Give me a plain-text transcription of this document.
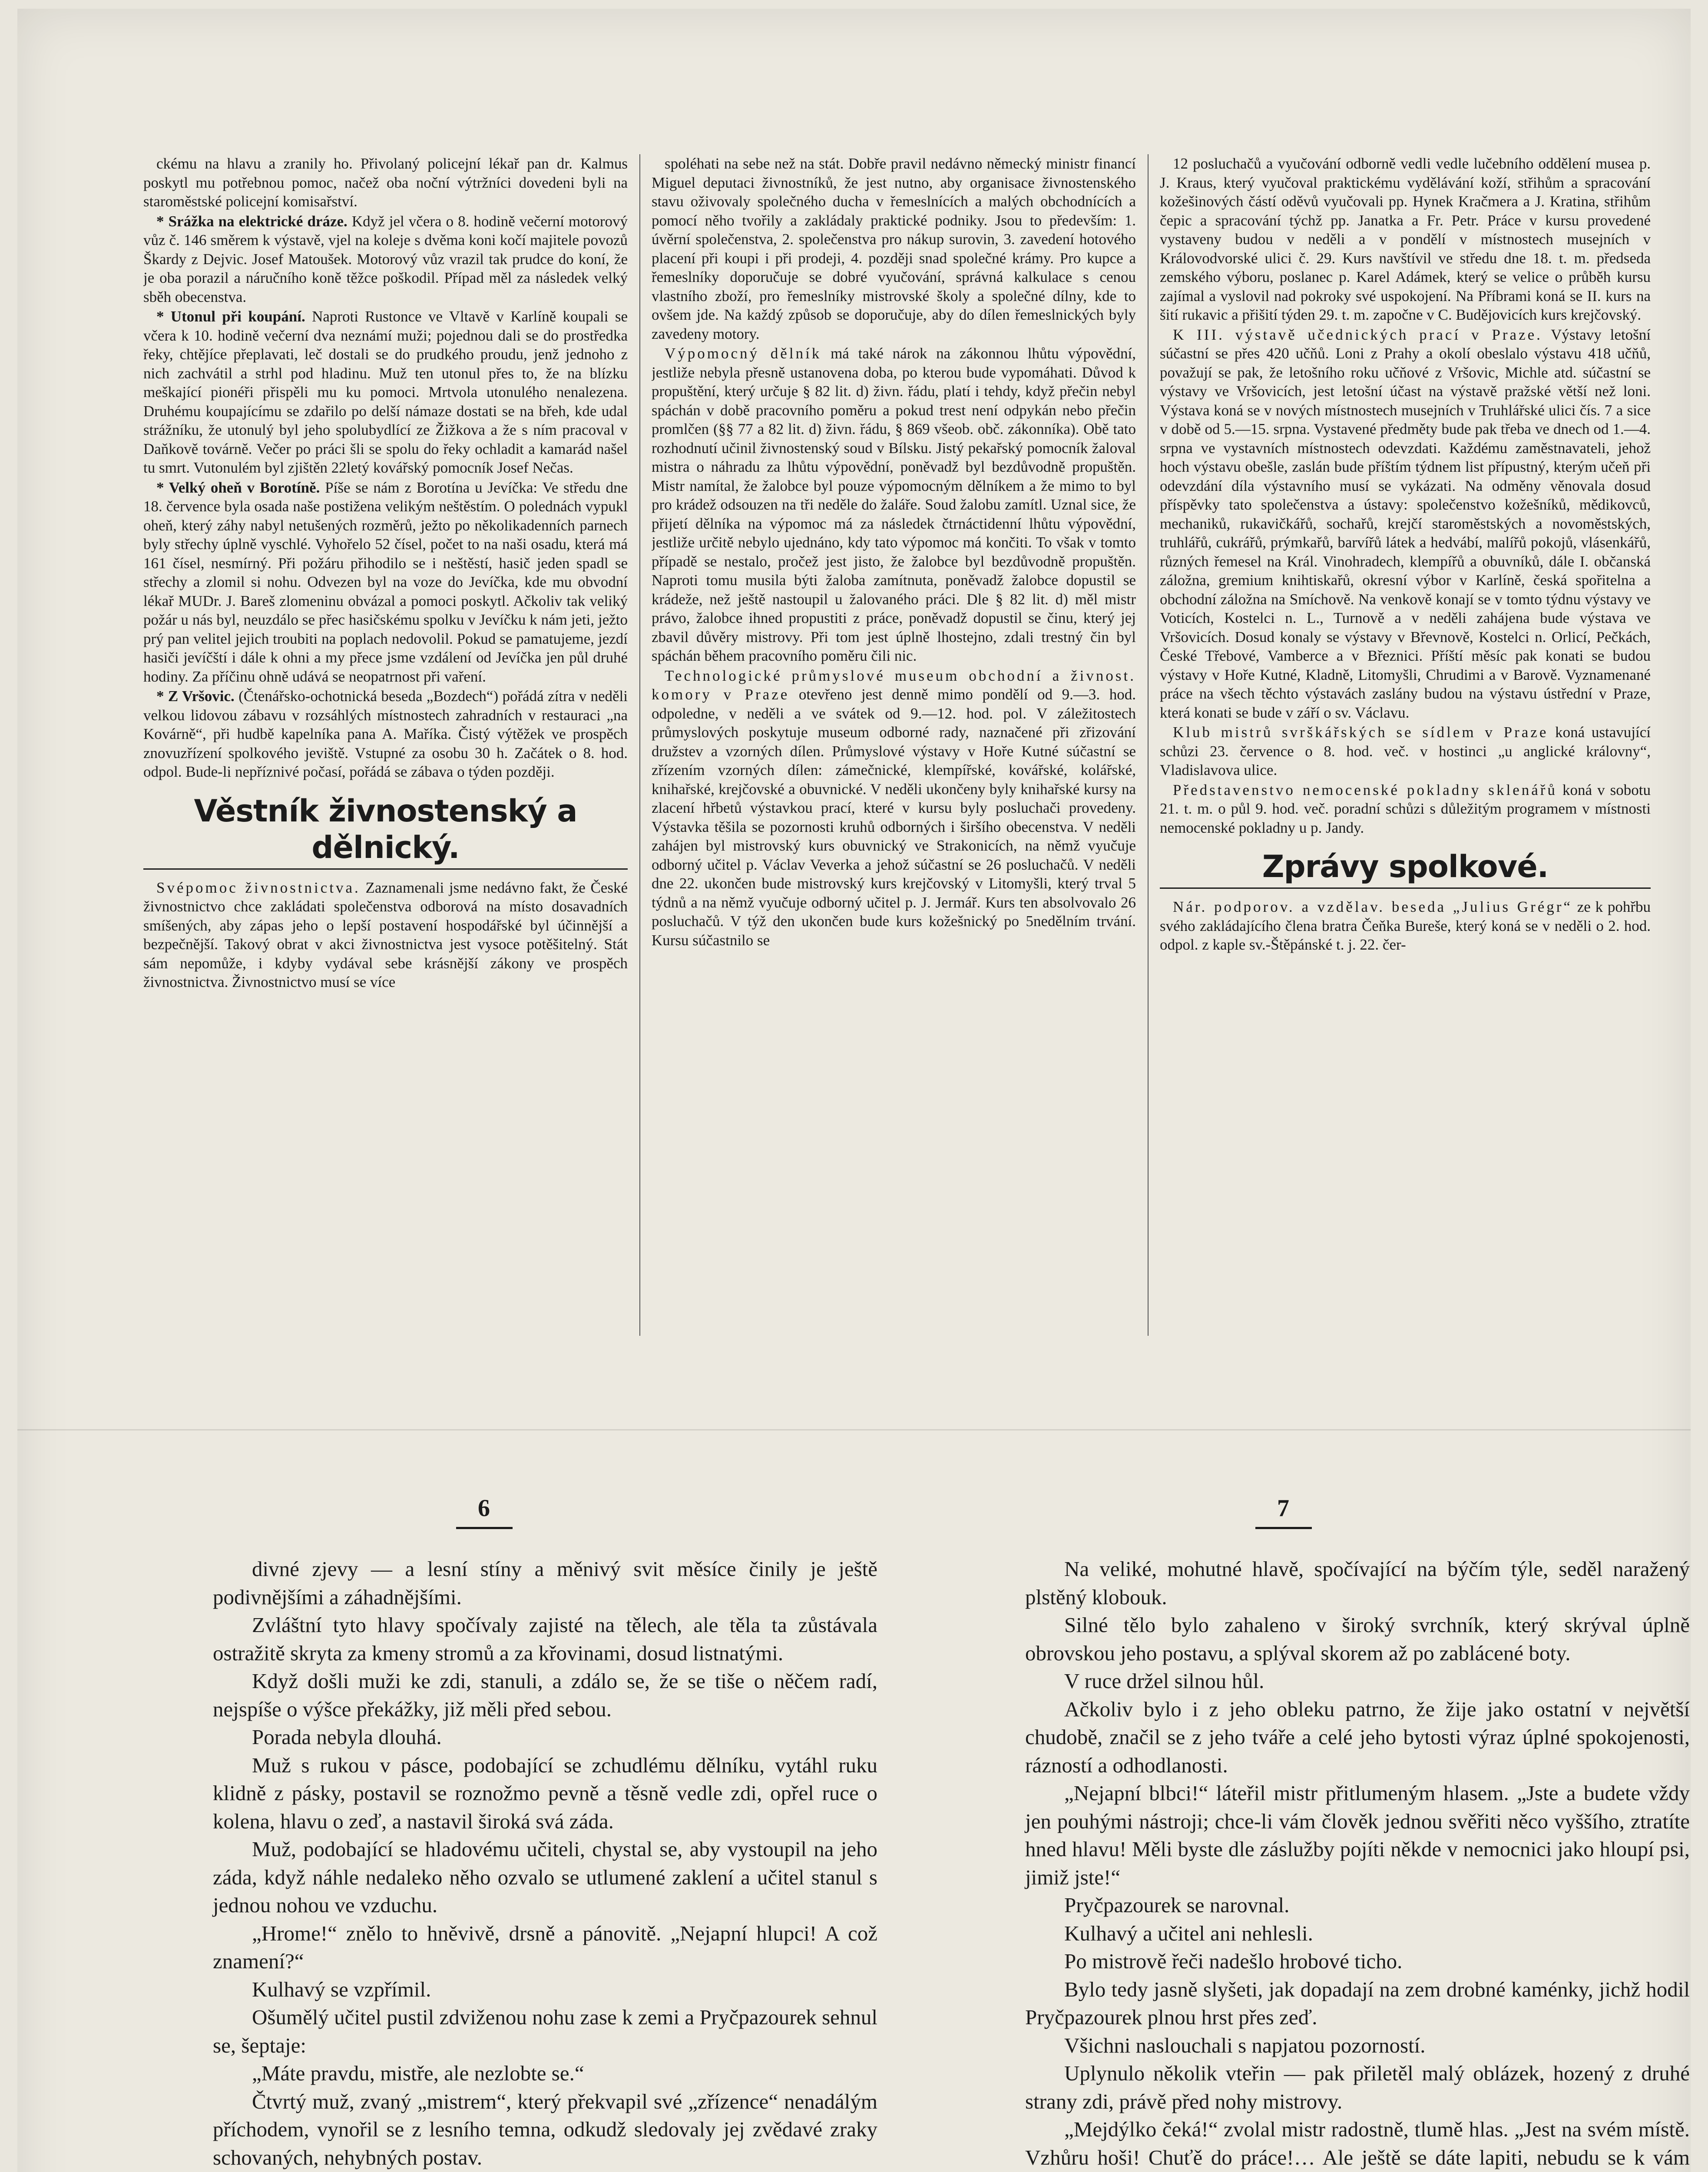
ckému na hlavu a zranily ho. Přivolaný policejní lékař pan dr. Kalmus poskytl mu potřebnou pomoc, načež oba noční výtržníci dovedeni byli na staroměstské policejní komisařství.

* Srážka na elektrické dráze. Když jel včera o 8. hodině večerní motorový vůz č. 146 směrem k výstavě, vjel na koleje s dvěma koni kočí majitele povozů Škardy z Dejvic. Josef Matoušek. Motorový vůz vrazil tak prudce do koní, že je oba porazil a náručního koně těžce poškodil. Případ měl za následek velký sběh obecenstva.

* Utonul při koupání. Naproti Rustonce ve Vltavě v Karlíně koupali se včera k 10. hodině večerní dva neznámí muži; pojednou dali se do prostředka řeky, chtějíce přeplavati, leč dostali se do prudkého proudu, jenž jednoho z nich zachvátil a strhl pod hladinu. Muž ten utonul přes to, že na blízku meškající pionéři přispěli mu ku pomoci. Mrtvola utonulého nenalezena. Druhému koupajícímu se zdařilo po delší námaze dostati se na břeh, kde udal strážníku, že utonulý byl jeho spolubydlící ze Žižkova a že s ním pracoval v Daňkově továrně. Večer po práci šli se spolu do řeky ochladit a kamarád našel tu smrt. Vutonulém byl zjištěn 22letý kovářský pomocník Josef Nečas.

* Velký oheň v Borotíně. Píše se nám z Borotína u Jevíčka: Ve středu dne 18. července byla osada naše postižena velikým neštěstím. O polednách vypukl oheň, který záhy nabyl netušených rozměrů, ježto po několikadenních parnech byly střechy úplně vyschlé. Vyhořelo 52 čísel, počet to na naši osadu, která má 161 čísel, nesmírný. Při požáru přihodilo se i neštěstí, hasič jeden spadl se střechy a zlomil si nohu. Odvezen byl na voze do Jevíčka, kde mu obvodní lékař MUDr. J. Bareš zlomeninu obvázal a pomoci poskytl. Ačkoliv tak veliký požár u nás byl, neuzdálo se přec hasičskému spolku v Jevíčku k nám jeti, ježto prý pan velitel jejich troubiti na poplach nedovolil. Pokud se pamatujeme, jezdí hasiči jevíčští i dále k ohni a my přece jsme vzdálení od Jevíčka jen půl druhé hodiny. Za příčinu ohně udává se neopatrnost při vaření.

* Z Vršovic. (Čtenářsko-ochotnická beseda „Bozdech“) pořádá zítra v neděli velkou lidovou zábavu v rozsáhlých místnostech zahradních v restauraci „na Kovárně“, při hudbě kapelníka pana A. Maříka. Čistý výtěžek ve prospěch znovuzřízení spolkového jeviště. Vstupné za osobu 30 h. Začátek o 8. hod. odpol. Bude-li nepříznivé počasí, pořádá se zábava o týden později.

Věstník živnostenský a dělnický.

Svépomoc živnostnictva. Zaznamenali jsme nedávno fakt, že České živnostnictvo chce zakládati společenstva odborová na místo dosavadních smíšených, aby zápas jeho o lepší postavení hospodářské byl účinnější a bezpečnější. Takový obrat v akci živnostnictva jest vysoce potěšitelný. Stát sám nepomůže, i kdyby vydával sebe krásnější zákony ve prospěch živnostnictva. Živnostnictvo musí se více

spoléhati na sebe než na stát. Dobře pravil nedávno německý ministr financí Miguel deputaci živnostníků, že jest nutno, aby organisace živnostenského stavu oživovaly společného ducha v řemeslnících a malých obchodnících a pomocí něho tvořily a zakládaly praktické podniky. Jsou to především: 1. úvěrní společenstva, 2. společenstva pro nákup surovin, 3. zavedení hotového placení při koupi i při prodeji, 4. později snad společné krámy. Pro kupce a řemeslníky doporučuje se dobré vyučování, správná kalkulace s cenou vlastního zboží, pro řemeslníky mistrovské školy a společné dílny, kde to ovšem jde. Na každý způsob se doporučuje, aby do dílen řemeslnických byly zavedeny motory.

Výpomocný dělník má také nárok na zákonnou lhůtu výpovědní, jestliže nebyla přesně ustanovena doba, po kterou bude vypomáhati. Důvod k propuštění, který určuje § 82 lit. d) živn. řádu, platí i tehdy, když přečin nebyl spáchán v době pracovního poměru a pokud trest není odpykán nebo přečin promlčen (§§ 77 a 82 lit. d) živn. řádu, § 869 všeob. obč. zákonníka). Obě tato rozhodnutí učinil živnostenský soud v Bílsku. Jistý pekařský pomocník žaloval mistra o náhradu za lhůtu výpovědní, poněvadž byl bezdůvodně propuštěn. Mistr namítal, že žalobce byl pouze výpomocným dělníkem a že mimo to byl pro krádež odsouzen na tři neděle do žaláře. Soud žalobu zamítl. Uznal sice, že přijetí dělníka na výpomoc má za následek čtrnáctidenní lhůtu výpovědní, jestliže určitě nebylo ujednáno, kdy tato výpomoc má končiti. To však v tomto případě se nestalo, pročež jest jisto, že žalobce byl bezdůvodně propuštěn. Naproti tomu musila býti žaloba zamítnuta, poněvadž žalobce dopustil se krádeže, než ještě nastoupil u žalovaného práci. Dle § 82 lit. d) měl mistr právo, žalobce ihned propustiti z práce, poněvadž dopustil se činu, který jej zbavil důvěry mistrovy. Při tom jest úplně lhostejno, zdali trestný čin byl spáchán během pracovního poměru čili nic.

Technologické průmyslové museum obchodní a živnost. komory v Praze otevřeno jest denně mimo pondělí od 9.—3. hod. odpoledne, v neděli a ve svátek od 9.—12. hod. pol. V záležitostech průmyslových poskytuje museum odborné rady, naznačené při zřizování družstev a vzorných dílen. Průmyslové výstavy v Hoře Kutné súčastní se zřízením vzorných dílen: zámečnické, klempířské, kovářské, kolářské, knihařské, krejčovské a obuvnické. V neděli ukončeny byly knihařské kursy na zlacení hřbetů výstavkou prací, které v kursu byly posluchači provedeny. Výstavka těšila se pozornosti kruhů odborných i širšího obecenstva. V neděli zahájen byl mistrovský kurs obuvnický ve Strakonicích, na němž vyučuje odborný učitel p. Václav Veverka a jehož súčastní se 26 posluchačů. V neděli dne 22. ukončen bude mistrovský kurs krejčovský v Litomyšli, který trval 5 týdnů a na němž vyučuje odborný učitel p. J. Jermář. Kurs ten absolvovalo 26 posluchačů. V týž den ukončen bude kurs kožešnický po 5nedělním trvání. Kursu súčastnilo se

12 posluchačů a vyučování odborně vedli vedle lučebního oddělení musea p. J. Kraus, který vyučoval praktickému vydělávání koží, střihům a spracování kožešinových částí oděvů vyučovali pp. Hynek Kračmera a J. Kratina, střihům čepic a spracování týchž pp. Janatka a Fr. Petr. Práce v kursu provedené vystaveny budou v neděli a v pondělí v místnostech musejních v Královodvorské ulici č. 29. Kurs navštívil ve středu dne 18. t. m. předseda zemského výboru, poslanec p. Karel Adámek, který se velice o průběh kursu zajímal a vyslovil nad pokroky své uspokojení. Na Příbrami koná se II. kurs na šití rukavic a přišití týden 29. t. m. započne v C. Budějovicích kurs krejčovský.

K III. výstavě učednických prací v Praze. Výstavy letošní súčastní se přes 420 učňů. Loni z Prahy a okolí obeslalo výstavu 418 učňů, považují se pak, že letošního roku učňové z Vršovic, Michle atd. súčastní se výstavy ve Vršovicích, jest letošní účast na výstavě pražské větší než loni. Výstava koná se v nových místnostech musejních v Truhlářské ulici čís. 7 a sice v době od 5.—15. srpna. Vystavené předměty bude pak třeba ve dnech od 1.—4. srpna ve vystavních místnostech odevzdati. Každému zaměstnavateli, jehož hoch výstavu obešle, zaslán bude příštím týdnem list přípustný, kterým učeň při odevzdání díla výstavního musí se vykázati. Na odměny věnovala dosud příspěvky tato společenstva a ústavy: společenstvo kožešníků, mědikovců, mechaniků, rukavičkářů, sochařů, krejčí staroměstských a novoměstských, truhlářů, cukrářů, prýmkařů, barvířů látek a hedvábí, malířů pokojů, vlásenkářů, různých řemesel na Král. Vinohradech, klempířů a obuvníků, dále I. občanská záložna, gremium knihtiskařů, okresní výbor v Karlíně, česká spořitelna a obchodní záložna na Smíchově. Na venkově konají se v tomto týdnu výstavy ve Voticích, Kostelci n. L., Turnově a v neděli zahájena bude výstava ve Vršovicích. Dosud konaly se výstavy v Břevnově, Kostelci n. Orlicí, Pečkách, České Třebové, Vamberce a v Březnici. Příští měsíc pak konati se budou výstavy v Hoře Kutné, Kladně, Litomyšli, Chrudimi a v Barově. Vyznamenané práce na všech těchto výstavách zaslány budou na výstavu ústřední v Praze, která konati se bude v září o sv. Václavu.

Klub mistrů svrškářských se sídlem v Praze koná ustavující schůzi 23. července o 8. hod. več. v hostinci „u anglické královny“, Vladislavova ulice.

Představenstvo nemocenské pokladny sklenářů koná v sobotu 21. t. m. o půl 9. hod. več. poradní schůzi s důležitým programem v místnosti nemocenské pokladny u p. Jandy.

Zprávy spolkové.

Nár. podporov. a vzdělav. beseda „Julius Grégr“ ze k pohřbu svého zakládajícího člena bratra Čeňka Bureše, který koná se v neděli o 2. hod. odpol. z kaple sv.-Štěpánské t. j. 22. čer-

6	7

divné zjevy — a lesní stíny a měnivý svit měsíce činily je ještě podivnějšími a záhadnějšími.

Zvláštní tyto hlavy spočívaly zajisté na tělech, ale těla ta zůstávala ostražitě skryta za kmeny stromů a za křovinami, dosud listnatými.

Když došli muži ke zdi, stanuli, a zdálo se, že se tiše o něčem radí, nejspíše o výšce překážky, již měli před sebou.

Porada nebyla dlouhá.

Muž s rukou v pásce, podobající se zchudlému dělníku, vytáhl ruku klidně z pásky, postavil se roznožmo pevně a těsně vedle zdi, opřel ruce o kolena, hlavu o zeď, a nastavil široká svá záda.

Muž, podobající se hladovému učiteli, chystal se, aby vystoupil na jeho záda, když náhle nedaleko něho ozvalo se utlumené zaklení a učitel stanul s jednou nohou ve vzduchu.

„Hrome!“ znělo to hněvivě, drsně a pánovitě. „Nejapní hlupci! A což znamení?“

Kulhavý se vzpřímil.

Ošumělý učitel pustil zdviženou nohu zase k zemi a Pryčpazourek sehnul se, šeptaje:

„Máte pravdu, mistře, ale nezlobte se.“

Čtvrtý muž, zvaný „mistrem“, který překvapil své „zřízence“ nenadálým příchodem, vynořil se z lesního temna, odkudž sledovaly jej zvědavé zraky schovaných, nehybných postav.

Na veliké, mohutné hlavě, spočívající na býčím týle, seděl naražený plstěný klobouk.

Silné tělo bylo zahaleno v široký svrchník, který skrýval úplně obrovskou jeho postavu, a splýval skorem až po zablácené boty.

V ruce držel silnou hůl.

Ačkoliv bylo i z jeho obleku patrno, že žije jako ostatní v největší chudobě, značil se z jeho tváře a celé jeho bytosti výraz úplné spokojenosti, rázností a odhodlanosti.

„Nejapní blbci!“ láteřil mistr přitlumeným hlasem. „Jste a budete vždy jen pouhými nástroji; chce-li vám člověk jednou svěřiti něco vyššího, ztratíte hned hlavu! Měli byste dle záslužby pojíti někde v nemocnici jako hloupí psi, jimiž jste!“

Pryčpazourek se narovnal.

Kulhavý a učitel ani nehlesli.

Po mistrově řeči nadešlo hrobové ticho.

Bylo tedy jasně slyšeti, jak dopadají na zem drobné kaménky, jichž hodil Pryčpazourek plnou hrst přes zeď.

Všichni naslouchali s napjatou pozorností.

Uplynulo několik vteřin — pak přiletěl malý oblázek, hozený z druhé strany zdi, právě před nohy mistrovy.

„Mejdýlko čeká!“ zvolal mistr radostně, tlumě hlas. „Jest na svém místě. Vzhůru hoši! Chuťě do práce!… Ale ještě se dáte lapiti, nebudu se k vám
